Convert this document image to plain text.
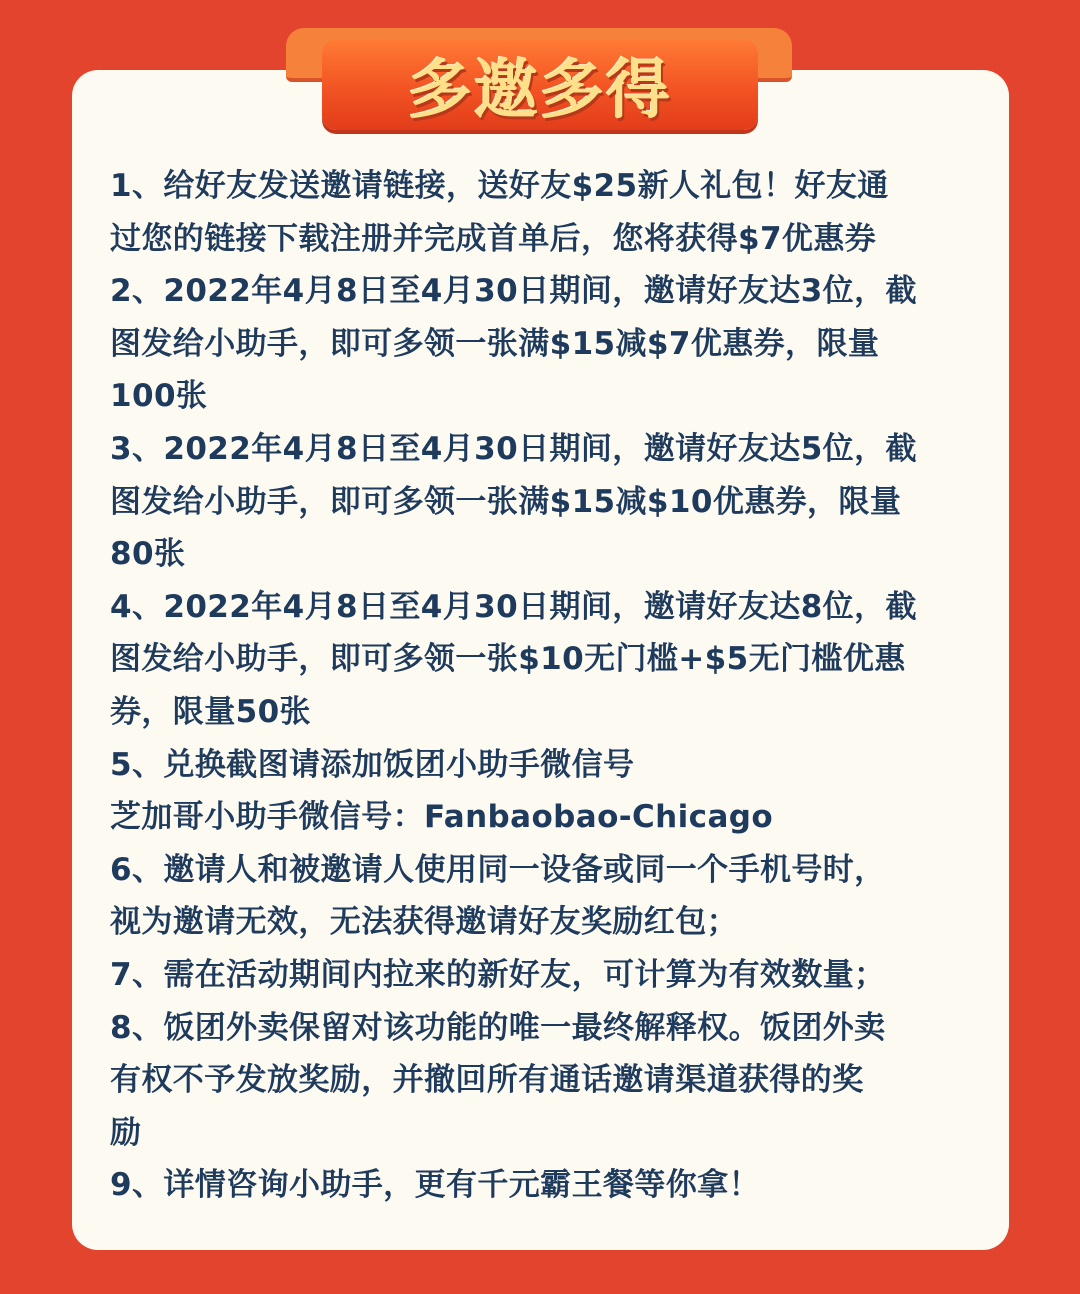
多邀多得
1、给好友发送邀请链接，送好友$25新人礼包！好友通
过您的链接下载注册并完成首单后，您将获得$7优惠券
2、2022年4月8日至4月30日期间，邀请好友达3位，截
图发给小助手，即可多领一张满$15减$7优惠券，限量
100张
3、2022年4月8日至4月30日期间，邀请好友达5位，截
图发给小助手，即可多领一张满$15减$10优惠券，限量
80张
4、2022年4月8日至4月30日期间，邀请好友达8位，截
图发给小助手，即可多领一张$10无门槛+$5无门槛优惠
券，限量50张
5、兑换截图请添加饭团小助手微信号
芝加哥小助手微信号：Fanbaobao-Chicago
6、邀请人和被邀请人使用同一设备或同一个手机号时，
视为邀请无效，无法获得邀请好友奖励红包；
7、需在活动期间内拉来的新好友，可计算为有效数量；
8、饭团外卖保留对该功能的唯一最终解释权。饭团外卖
有权不予发放奖励，并撤回所有通话邀请渠道获得的奖
励
9、详情咨询小助手，更有千元霸王餐等你拿！
